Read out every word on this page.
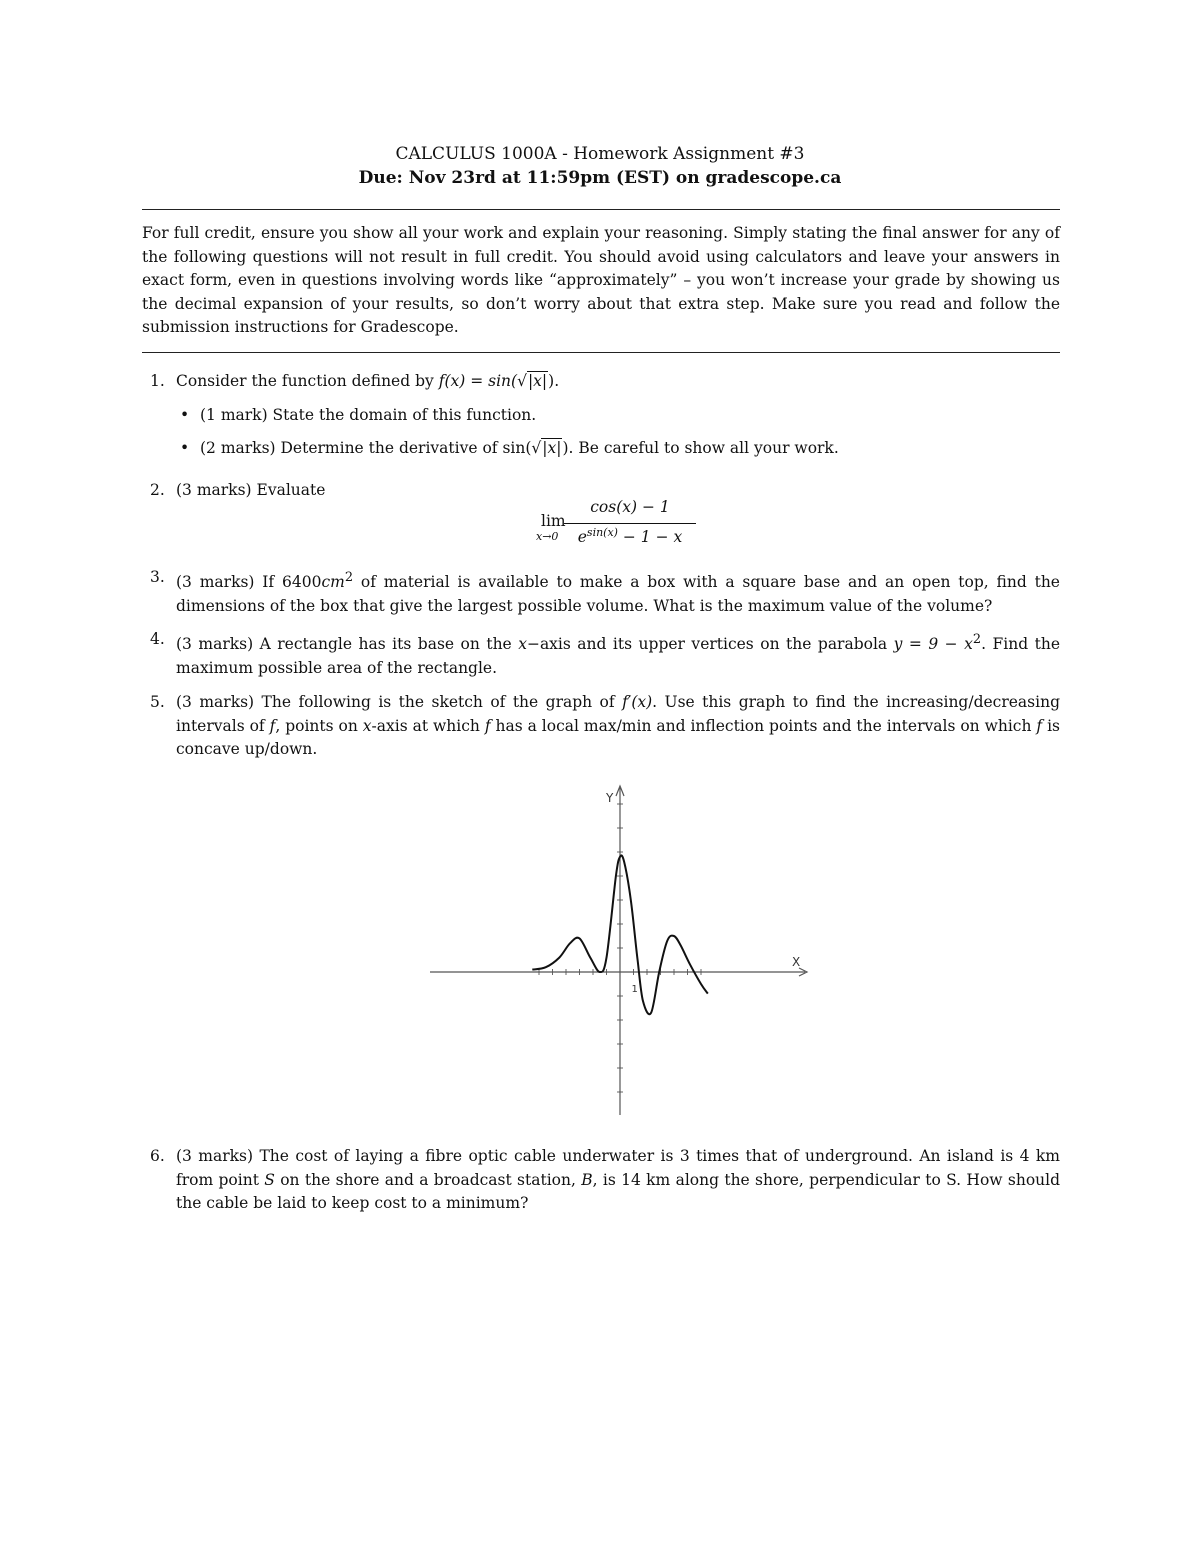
CALCULUS 1000A - Homework Assignment #3
Due: Nov 23rd at 11:59pm (EST) on gradescope.ca
For full credit, ensure you show all your work and explain your reasoning. Simply stating the final answer for any of the following questions will not result in full credit. You should avoid using calculators and leave your answers in exact form, even in questions involving words like “approximately” – you won’t increase your grade by showing us the decimal expansion of your results, so don’t worry about that extra step. Make sure you read and follow the submission instructions for Gradescope.
1. Consider the function defined by f(x) = sin(√|x|).
• (1 mark) State the domain of this function.
• (2 marks) Determine the derivative of sin(√|x|). Be careful to show all your work.
2. (3 marks) Evaluate
lim
x→0
cos(x) − 1
$e^{sin(x)} - 1 - x$
3. (3 marks) If $6400cm^2$ of material is available to make a box with a square base and an open top, find the dimensions of the box that give the largest possible volume. What is the maximum value of the volume?
4. (3 marks) A rectangle has its base on the x−axis and its upper vertices on the parabola $y = 9 - x^2$. Find the maximum possible area of the rectangle.
5. (3 marks) The following is the sketch of the graph of f′(x). Use this graph to find the increasing/decreasing intervals of f, points on x-axis at which f has a local max/min and inflection points and the intervals on which f is concave up/down.
X
Y
1
6. (3 marks) The cost of laying a fibre optic cable underwater is 3 times that of underground. An island is 4 km from point S on the shore and a broadcast station, B, is 14 km along the shore, perpendicular to S. How should the cable be laid to keep cost to a minimum?
